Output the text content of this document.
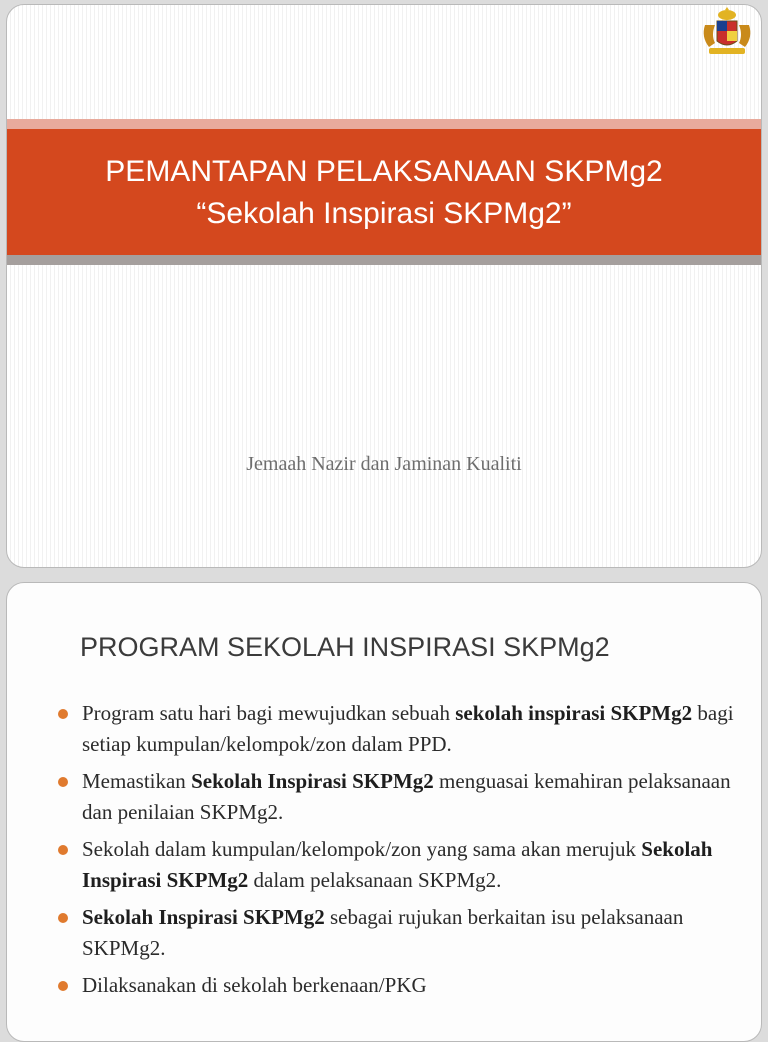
PEMANTAPAN PELAKSANAAN SKPMg2
“Sekolah Inspirasi SKPMg2”
Jemaah Nazir dan Jaminan Kualiti
PROGRAM SEKOLAH INSPIRASI SKPMg2
Program satu hari bagi mewujudkan sebuah sekolah inspirasi SKPMg2 bagi setiap kumpulan/kelompok/zon dalam PPD.
Memastikan Sekolah Inspirasi SKPMg2 menguasai kemahiran pelaksanaan dan penilaian SKPMg2.
Sekolah dalam kumpulan/kelompok/zon yang sama akan merujuk Sekolah Inspirasi SKPMg2 dalam pelaksanaan SKPMg2.
Sekolah Inspirasi SKPMg2 sebagai rujukan berkaitan isu pelaksanaan SKPMg2.
Dilaksanakan di sekolah berkenaan/PKG
